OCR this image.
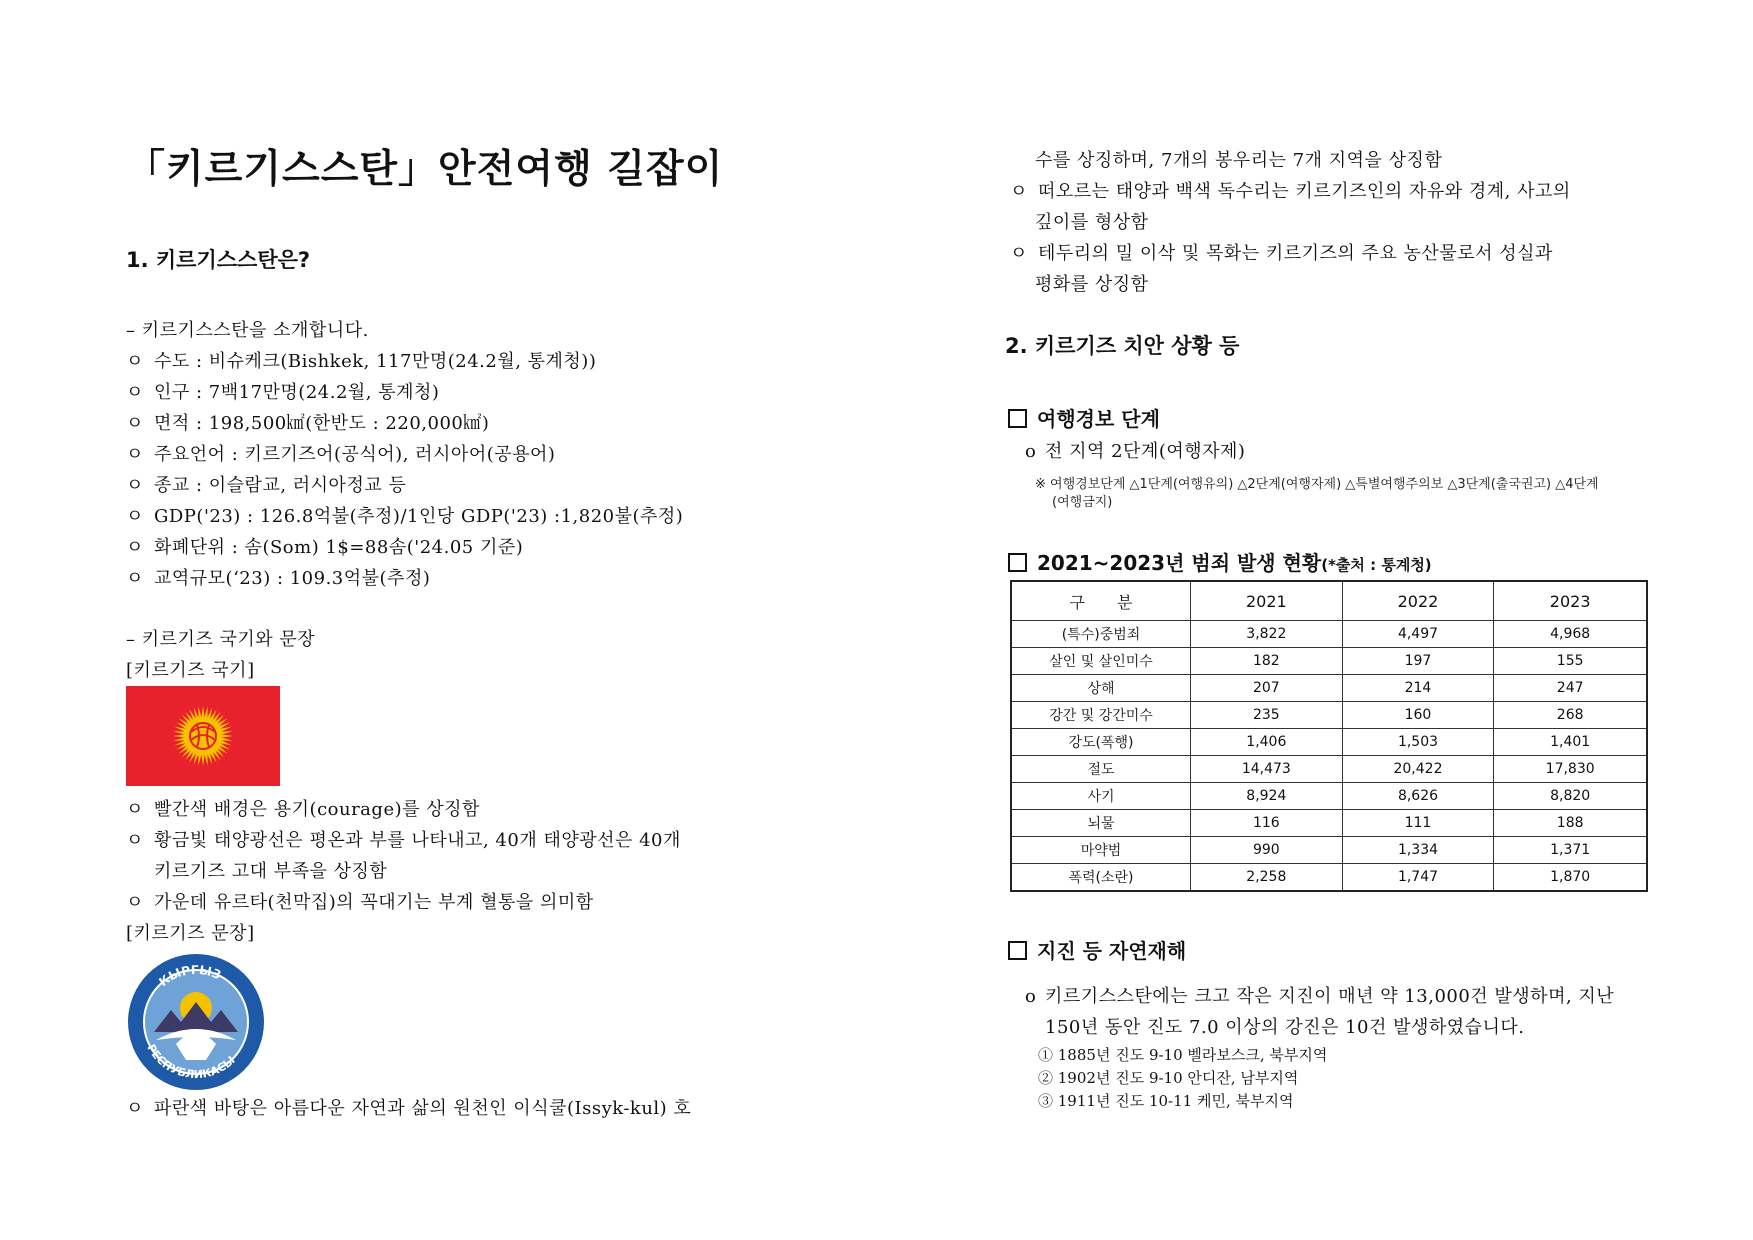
「키르기스스탄」안전여행 길잡이
1. 키르기스스탄은?

– 키르기스스탄을 소개합니다.

ㅇ 수도 : 비슈케크(Bishkek, 117만명(24.2월, 통계청))

ㅇ 인구 : 7백17만명(24.2월, 통계청)

ㅇ 면적 : 198,500㎢(한반도 : 220,000㎢)

ㅇ 주요언어 : 키르기즈어(공식어), 러시아어(공용어)

ㅇ 종교 : 이슬람교, 러시아정교 등

ㅇ GDP('23) : 126.8억불(추정)/1인당 GDP('23) :1,820불(추정)

ㅇ 화폐단위 : 솜(Som) 1$=88솜('24.05 기준)

ㅇ 교역규모(‘23) : 109.3억불(추정)

– 키르기즈 국기와 문장

[키르기즈 국기]

ㅇ 빨간색 배경은 용기(courage)를 상징함

ㅇ 황금빛 태양광선은 평온과 부를 나타내고, 40개 태양광선은 40개

키르기즈 고대 부족을 상징함

ㅇ 가운데 유르타(천막집)의 꼭대기는 부계 혈통을 의미함

[키르기즈 문장]

КЫРГЫЗ
РЕСПУБЛИКАСЫ

ㅇ 파란색 바탕은 아름다운 자연과 삶의 원천인 이식쿨(Issyk-kul) 호

수를 상징하며, 7개의 봉우리는 7개 지역을 상징함

ㅇ 떠오르는 태양과 백색 독수리는 키르기즈인의 자유와 경계, 사고의

깊이를 형상함

ㅇ 테두리의 밀 이삭 및 목화는 키르기즈의 주요 농산물로서 성실과

평화를 상징함

2. 키르기즈 치안 상황 등
여행경보 단계

o 전 지역 2단계(여행자제)

※ 여행경보단계 △1단계(여행유의) △2단계(여행자제) △특별여행주의보 △3단계(출국권고) △4단계

(여행금지)

2021~2023년 범죄 발생 현황(*출처 : 통계청)
구　　분	2021	2022	2023
(특수)중범죄	3,822	4,497	4,968
살인 및 살인미수	182	197	155
상해	207	214	247
강간 및 강간미수	235	160	268
강도(폭행)	1,406	1,503	1,401
절도	14,473	20,422	17,830
사기	8,924	8,626	8,820
뇌물	116	111	188
마약범	990	1,334	1,371
폭력(소란)	2,258	1,747	1,870
지진 등 자연재해

o 키르기스스탄에는 크고 작은 지진이 매년 약 13,000건 발생하며, 지난

150년 동안 진도 7.0 이상의 강진은 10건 발생하였습니다.

① 1885년 진도 9-10 벨라보스크, 북부지역

② 1902년 진도 9-10 안디잔, 남부지역

③ 1911년 진도 10-11 케민, 북부지역
